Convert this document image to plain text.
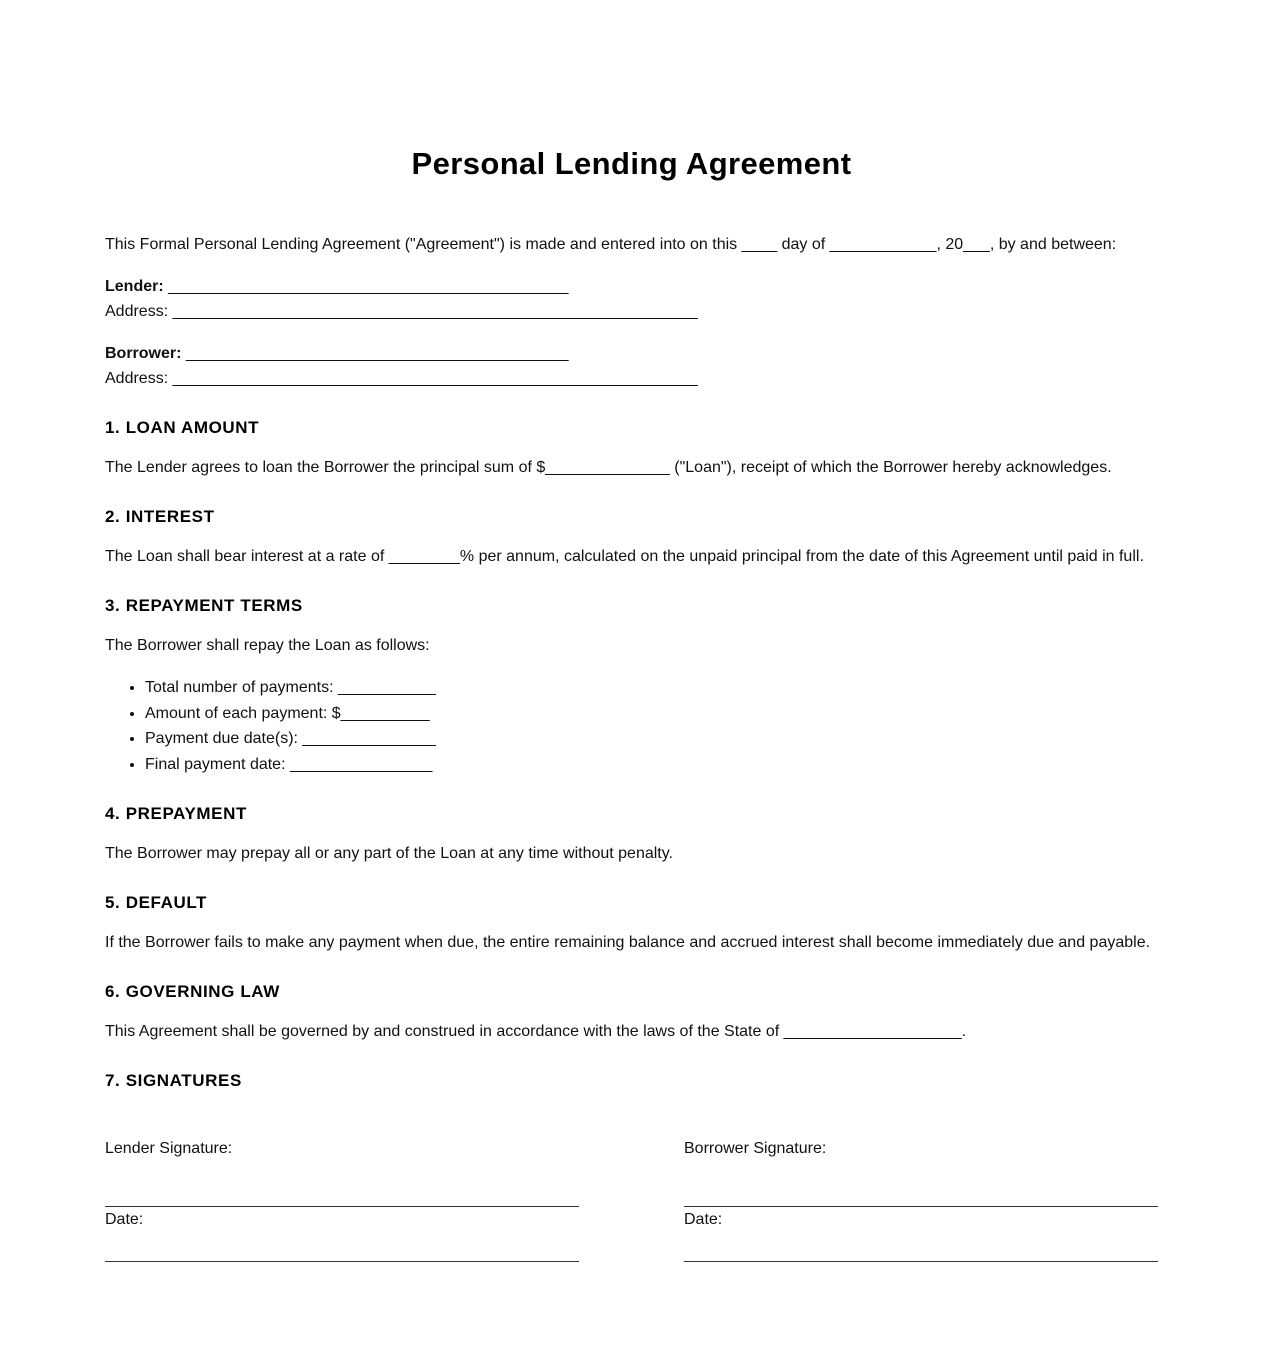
Personal Lending Agreement
This Formal Personal Lending Agreement ("Agreement") is made and entered into on this ____ day of ____________, 20___, by and between:
Lender: _____________________________________________
Address: ___________________________________________________________
Borrower: ___________________________________________
Address: ___________________________________________________________
1. LOAN AMOUNT
The Lender agrees to loan the Borrower the principal sum of $______________ ("Loan"), receipt of which the Borrower hereby acknowledges.
2. INTEREST
The Loan shall bear interest at a rate of ________% per annum, calculated on the unpaid principal from the date of this Agreement until paid in full.
3. REPAYMENT TERMS
The Borrower shall repay the Loan as follows:
• Total number of payments: ___________
• Amount of each payment: $__________
• Payment due date(s): _______________
• Final payment date: ________________
4. PREPAYMENT
The Borrower may prepay all or any part of the Loan at any time without penalty.
5. DEFAULT
If the Borrower fails to make any payment when due, the entire remaining balance and accrued interest shall become immediately due and payable.
6. GOVERNING LAW
This Agreement shall be governed by and construed in accordance with the laws of the State of ____________________.
7. SIGNATURES
Lender Signature:
Date:
Borrower Signature:
Date:
